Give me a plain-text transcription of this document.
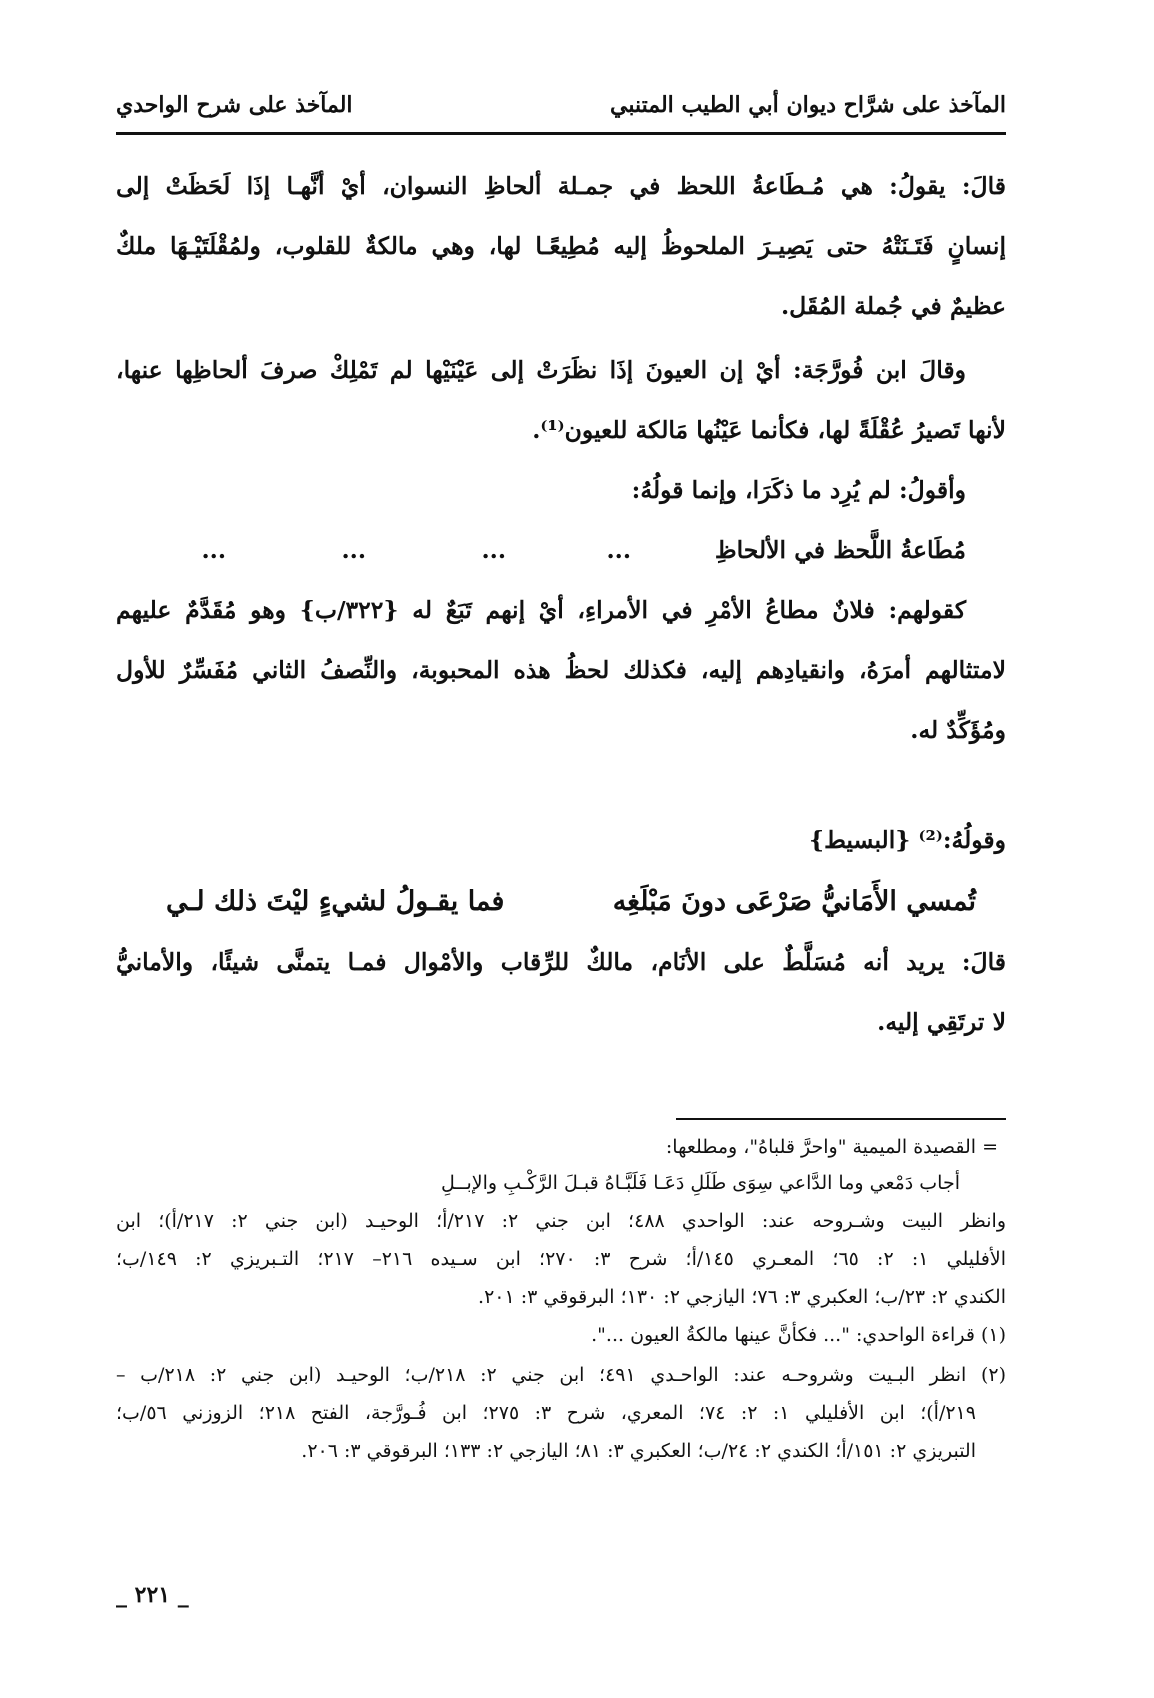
المآخذ على شرَّاح ديوان أبي الطيب المتنبي
المآخذ على شرح الواحدي
قالَ: يقولُ: هي مُـطَاعةُ اللحظ في جمـلة ألحاظِ النسوان، أيْ أنَّهـا إذَا لَحَظَتْ إلى
إنسانٍ فَتَـنَتْهُ حتى يَصِيـرَ الملحوظُ إليه مُطِيعًـا لها، وهي مالكةٌ للقلوب، ولمُقْلَتَيْـهَا ملكٌ
عظيمٌ في جُملة المُقَل.
وقالَ ابن فُورَّجَة: أيْ إن العيونَ إذَا نظَرَتْ إلى عَيْنَيْها لم تَمْلِكْ صرفَ ألحاظِها عنها،
لأنها تَصيرُ عُقْلَةً لها، فكأنما عَيْنُها مَالكة للعيون⁽¹⁾.
وأقولُ: لم يُرِد ما ذكَرَا، وإنما قولُهُ:
مُطَاعةُ اللَّحظ في الألحاظِ
...
...
...
...
كقولهم: فلانٌ مطاعُ الأمْرِ في الأمراءِ، أيْ إنهم تَبَعٌ له {٣٢٢/ب} وهو مُقَدَّمٌ عليهم
لامتثالهم أمرَهُ، وانقيادِهم إليه، فكذلك لحظُ هذه المحبوبة، والنِّصفُ الثاني مُفَسِّرٌ للأول
ومُؤَكِّدٌ له.
وقولُهُ:⁽²⁾ {البسيط}
تُمسي الأَمَانيُّ صَرْعَى دونَ مَبْلَغِه
فما يقـولُ لشيءٍ ليْتَ ذلك لـي
قالَ: يريد أنه مُسَلَّطٌ على الأنَام، مالكٌ للرِّقاب والأمْوال فمـا يتمنَّى شيئًا، والأمانيُّ
لا ترتَقِي إليه.
= القصيدة الميمية "واحرَّ قلباهُ"، ومطلعها:
أجاب دَمْعي وما الدَّاعي سِوَى طَلَلِ دَعَـا فَلَبَّـاهُ قبـلَ الرَّكْـبِ والإبــلِ
وانظر البيت وشـروحه عند: الواحدي ٤٨٨؛ ابن جني ٢: ٢١٧/أ؛ الوحيـد (ابن جني ٢: ٢١٧/أ)؛ ابن
الأفليلي ١: ٢: ٦٥؛ المعـري ١٤٥/أ؛ شرح ٣: ٢٧٠؛ ابن سـيده ٢١٦– ٢١٧؛ التـبريزي ٢: ١٤٩/ب؛
الكندي ٢: ٢٣/ب؛ العكبري ٣: ٧٦؛ اليازجي ٢: ١٣٠؛ البرقوقي ٣: ٢٠١.
(١) قراءة الواحدي: "... فكأنَّ عينها مالكةُ العيون ...".
(٢) انظر البـيت وشروحـه عند: الواحـدي ٤٩١؛ ابن جني ٢: ٢١٨/ب؛ الوحيـد (ابن جني ٢: ٢١٨/ب –
٢١٩/أ)؛ ابن الأفليلي ١: ٢: ٧٤؛ المعري، شرح ٣: ٢٧٥؛ ابن فُـورَّجة، الفتح ٢١٨؛ الزوزني ٥٦/ب؛
التبريزي ٢: ١٥١/أ؛ الكندي ٢: ٢٤/ب؛ العكبري ٣: ٨١؛ اليازجي ٢: ١٣٣؛ البرقوقي ٣: ٢٠٦.
_ ٢٢١ _
